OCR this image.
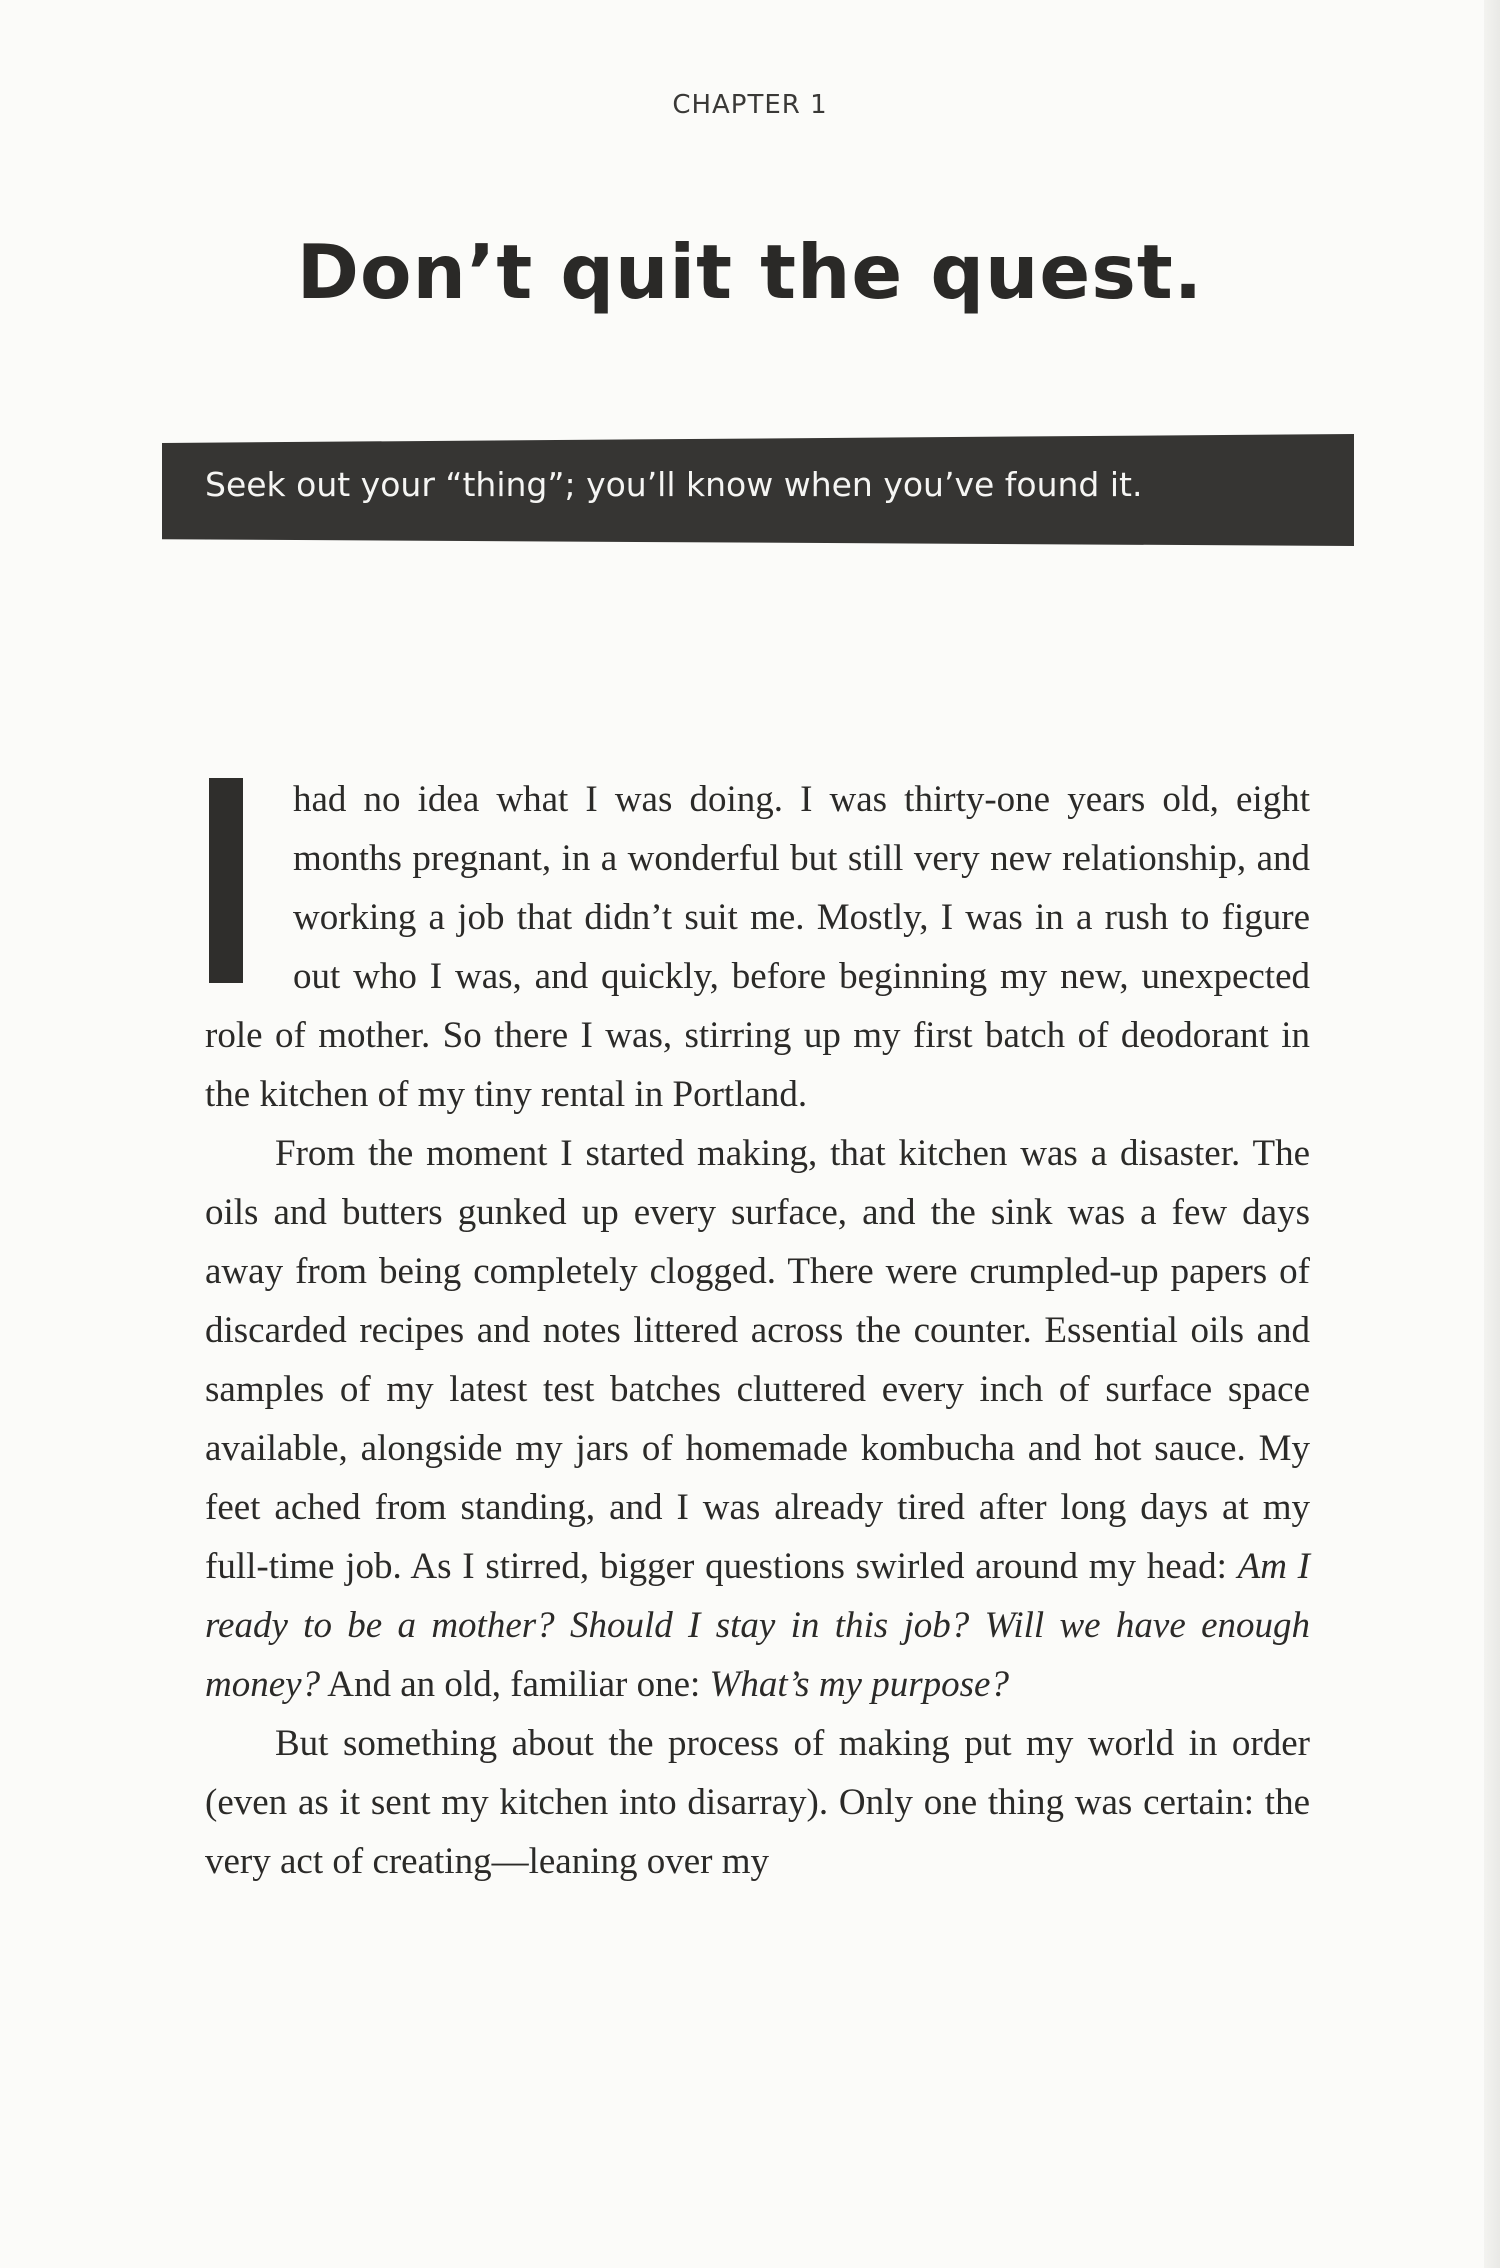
CHAPTER 1
Don’t quit the quest.
Seek out your “thing”; you’ll know when you’ve found it.

had no idea what I was doing. I was thirty-one years old, eight months pregnant, in a wonderful but still very new relationship, and working a job that didn’t suit me. Mostly, I was in a rush to figure out who I was, and quickly, before beginning my new, unexpected role of mother. So there I was, stirring up my first batch of deodorant in the kitchen of my tiny rental in Portland.

From the moment I started making, that kitchen was a disaster. The oils and butters gunked up every surface, and the sink was a few days away from being completely clogged. There were crumpled-up papers of discarded recipes and notes littered across the counter. Essential oils and samples of my latest test batches cluttered every inch of surface space available, alongside my jars of homemade kombucha and hot sauce. My feet ached from standing, and I was already tired after long days at my full-time job. As I stirred, bigger questions swirled around my head: Am I ready to be a mother? Should I stay in this job? Will we have enough money? And an old, familiar one: What’s my purpose?

But something about the process of making put my world in order (even as it sent my kitchen into disarray). Only one thing was certain: the very act of creating—leaning over my
